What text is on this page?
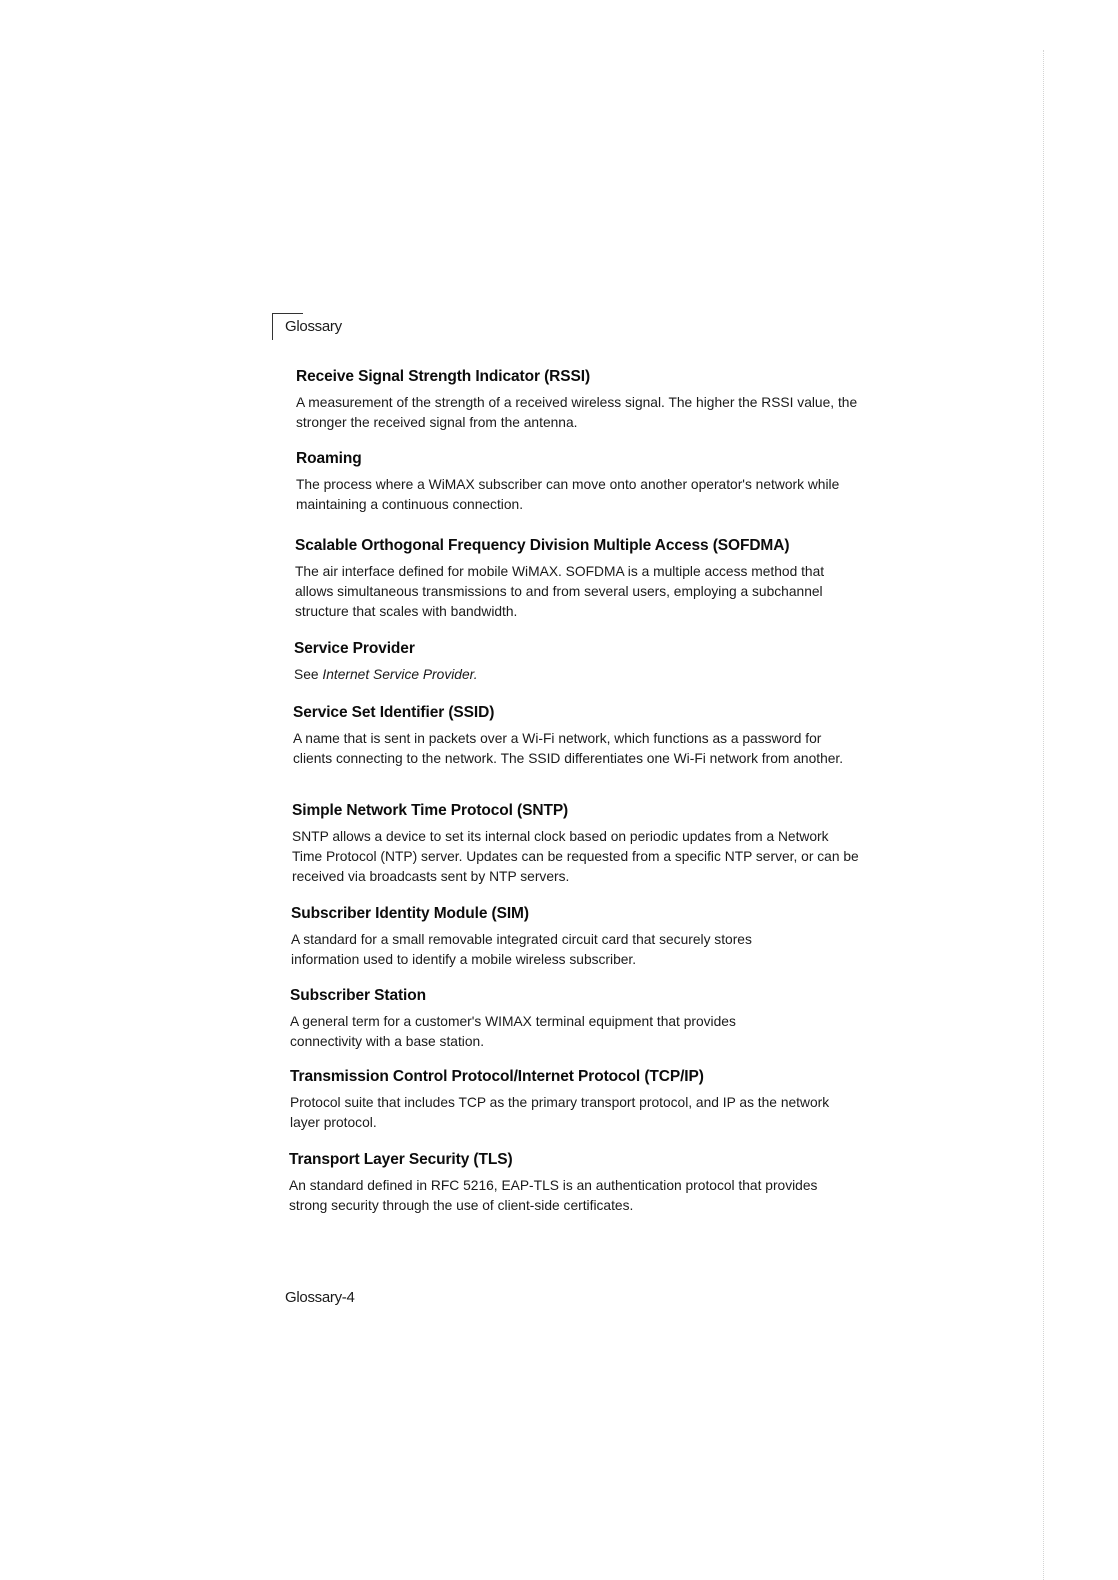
Glossary
Receive Signal Strength Indicator (RSSI)

A measurement of the strength of a received wireless signal. The higher the RSSI value, the stronger the received signal from the antenna.

Roaming

The process where a WiMAX subscriber can move onto another operator's network while maintaining a continuous connection.

Scalable Orthogonal Frequency Division Multiple Access (SOFDMA)

The air interface defined for mobile WiMAX. SOFDMA is a multiple access method that allows simultaneous transmissions to and from several users, employing a subchannel structure that scales with bandwidth.

Service Provider

See Internet Service Provider.

Service Set Identifier (SSID)

A name that is sent in packets over a Wi-Fi network, which functions as a password for clients connecting to the network. The SSID differentiates one Wi-Fi network from another.

Simple Network Time Protocol (SNTP)

SNTP allows a device to set its internal clock based on periodic updates from a Network Time Protocol (NTP) server. Updates can be requested from a specific NTP server, or can be received via broadcasts sent by NTP servers.

Subscriber Identity Module (SIM)

A standard for a small removable integrated circuit card that securely stores information used to identify a mobile wireless subscriber.

Subscriber Station

A general term for a customer's WIMAX terminal equipment that provides connectivity with a base station.

Transmission Control Protocol/Internet Protocol (TCP/IP)

Protocol suite that includes TCP as the primary transport protocol, and IP as the network layer protocol.

Transport Layer Security (TLS)

An standard defined in RFC 5216, EAP-TLS is an authentication protocol that provides strong security through the use of client-side certificates.

Glossary-4
